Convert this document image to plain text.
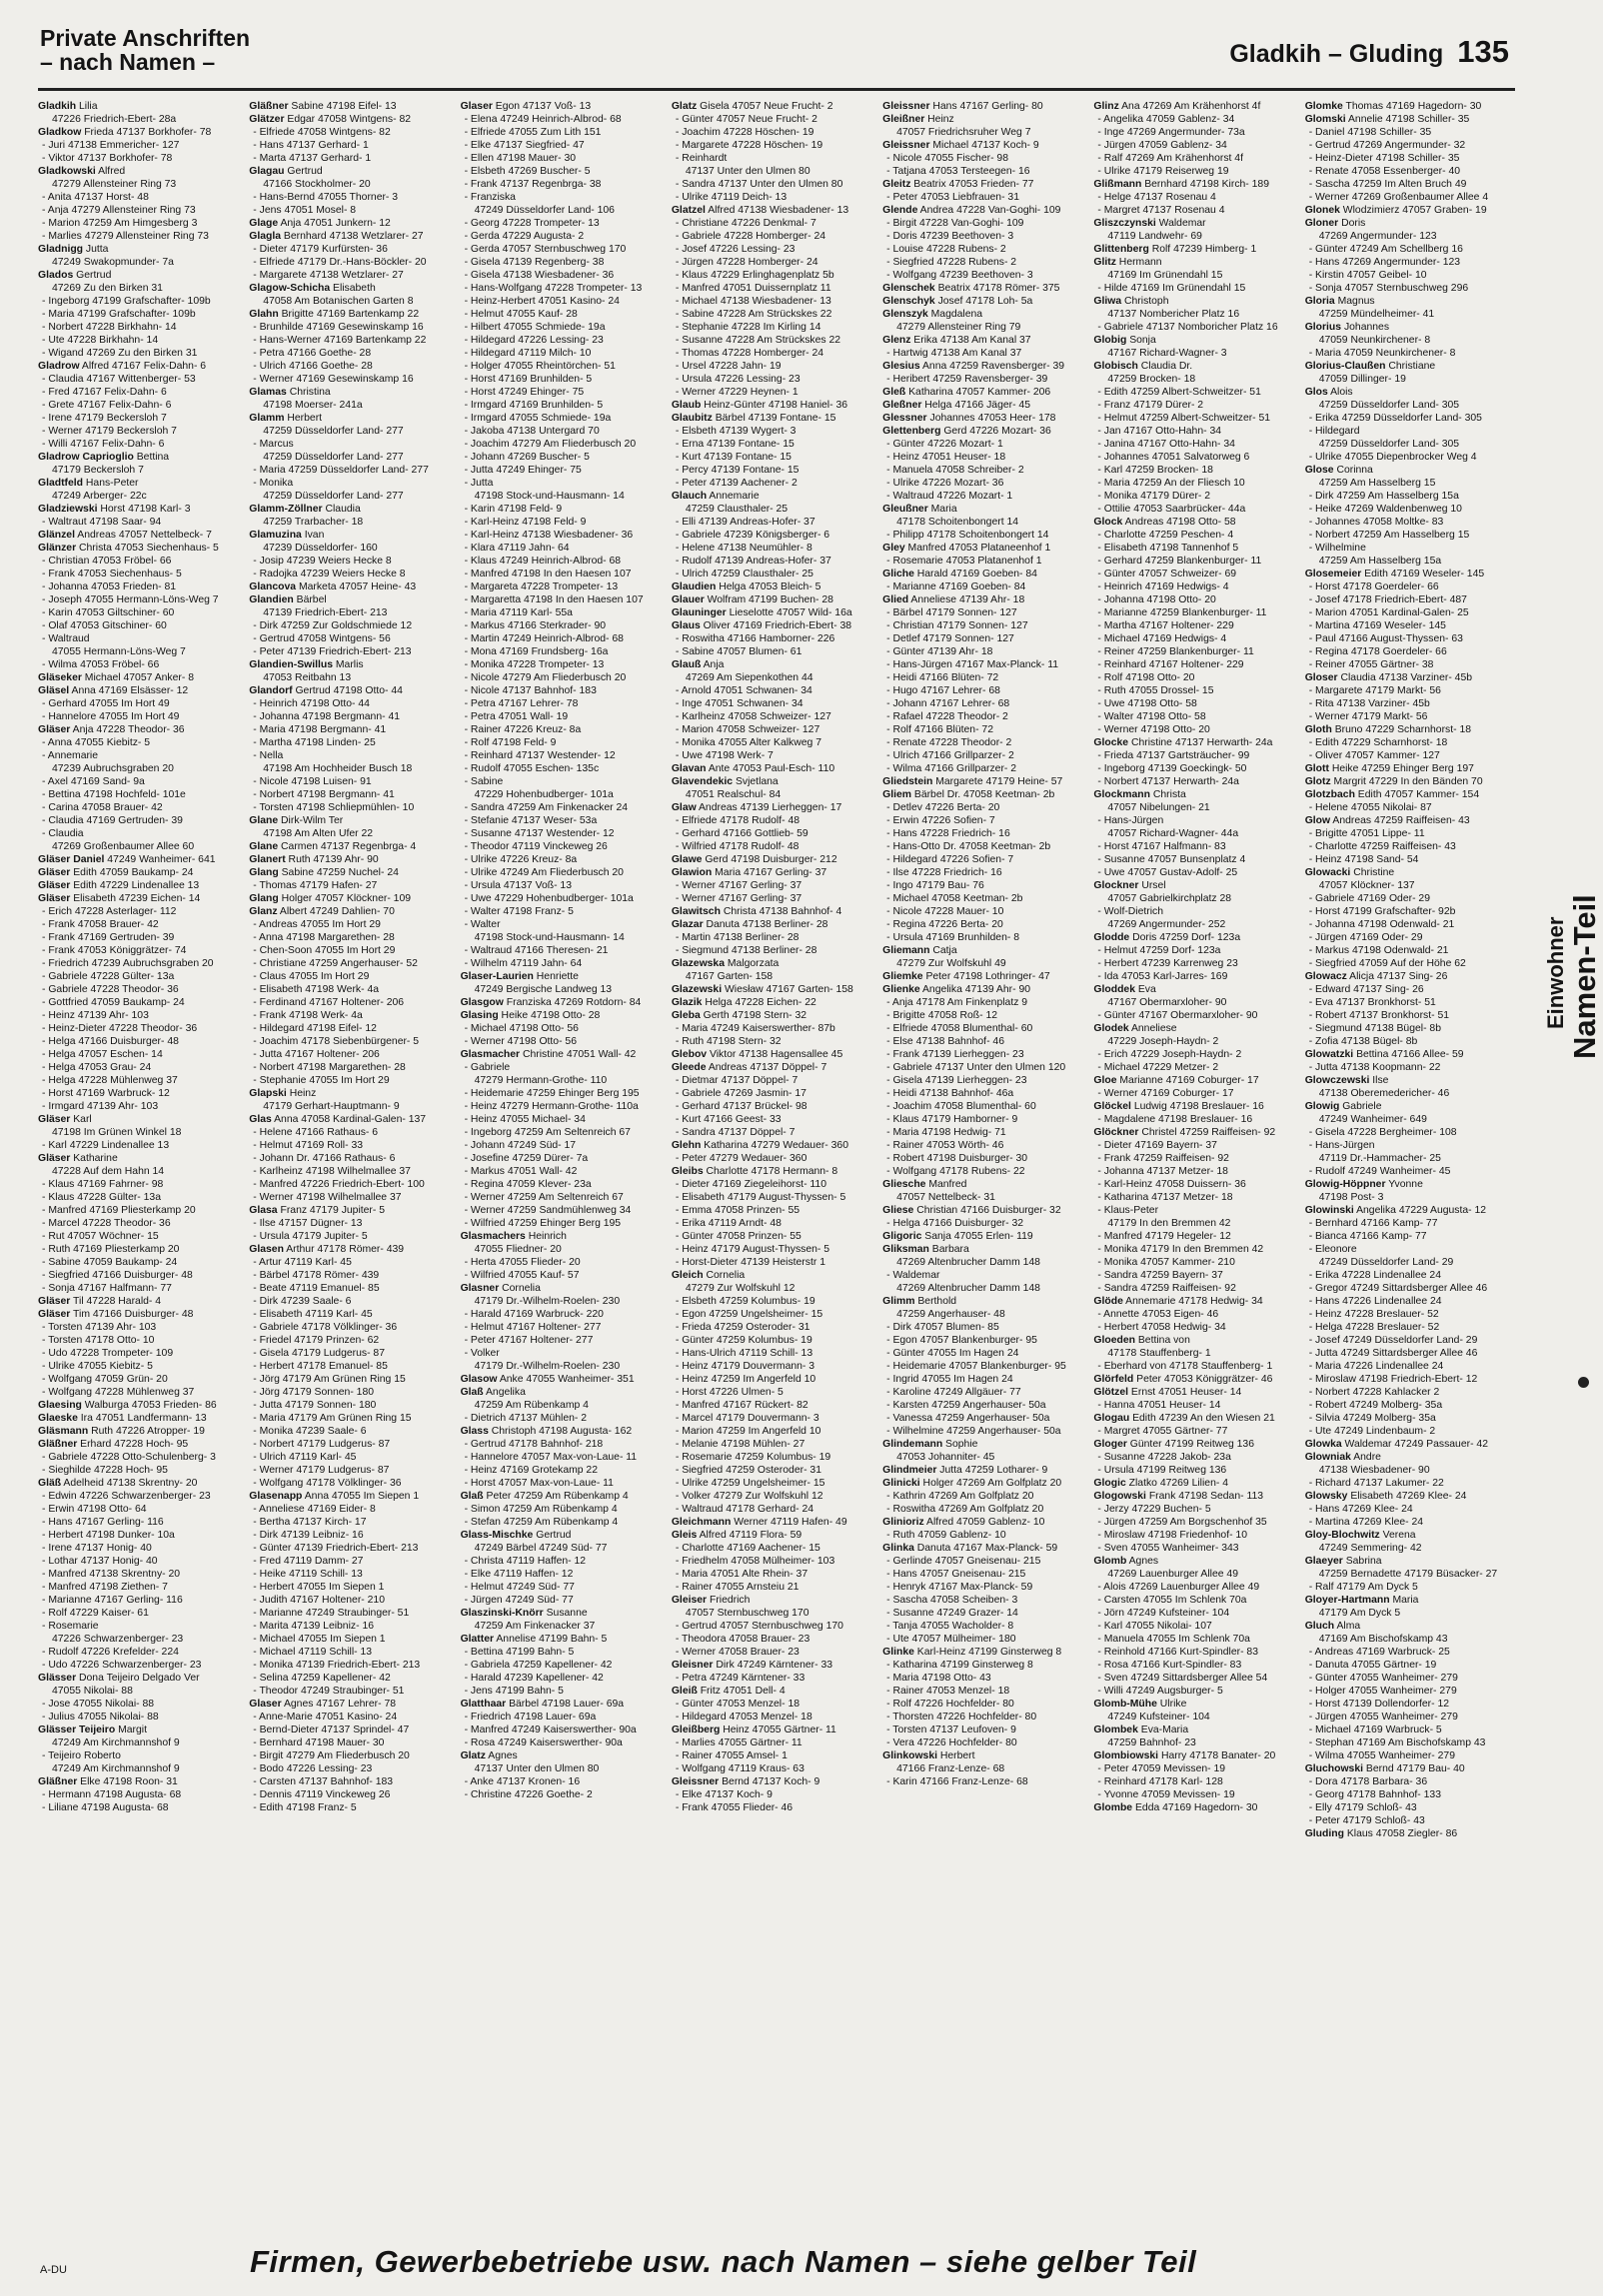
Private Anschriften
– nach Namen –	Gladkih – Gluding 135
Gladkih Lilia
47226 Friedrich-Ebert- 28a
Gladkow Frieda 47137 Borkhofer- 78
- Juri 47138 Emmericher- 127
- Viktor 47137 Borkhofer- 78
Gladkowski Alfred
47279 Allensteiner Ring 73
- Anita 47137 Horst- 48
- Anja 47279 Allensteiner Ring 73
- Marion 47259 Am Himgesberg 3
- Marlies 47279 Allensteiner Ring 73
Gladnigg Jutta
47249 Swakopmunder- 7a
Glados Gertrud
47269 Zu den Birken 31
- Ingeborg 47199 Grafschafter- 109b
- Maria 47199 Grafschafter- 109b
- Norbert 47228 Birkhahn- 14
- Ute 47228 Birkhahn- 14
- Wigand 47269 Zu den Birken 31
Gladrow Alfred 47167 Felix-Dahn- 6
- Claudia 47167 Wittenberger- 53
- Fred 47167 Felix-Dahn- 6
- Grete 47167 Felix-Dahn- 6
- Irene 47179 Beckersloh 7
- Werner 47179 Beckersloh 7
- Willi 47167 Felix-Dahn- 6
Gladrow Caprioglio Bettina
47179 Beckersloh 7
Gladtfeld Hans-Peter
47249 Arberger- 22c
Gladziewski Horst 47198 Karl- 3
- Waltraut 47198 Saar- 94
Glänzel Andreas 47057 Nettelbeck- 7
Glänzer Christa 47053 Siechenhaus- 5
- Christian 47053 Fröbel- 66
- Frank 47053 Siechenhaus- 5
- Johanna 47053 Frieden- 81
- Joseph 47055 Hermann-Löns-Weg 7
- Karin 47053 Giltschiner- 60
- Olaf 47053 Gitschiner- 60
- Waltraud
47055 Hermann-Löns-Weg 7
- Wilma 47053 Fröbel- 66
Gläseker Michael 47057 Anker- 8
Gläsel Anna 47169 Elsässer- 12
- Gerhard 47055 Im Hort 49
- Hannelore 47055 Im Hort 49
Gläser Anja 47228 Theodor- 36
- Anna 47055 Kiebitz- 5
- Annemarie
47239 Aubruchsgraben 20
- Axel 47169 Sand- 9a
- Bettina 47198 Hochfeld- 101e
- Carina 47058 Brauer- 42
- Claudia 47169 Gertruden- 39
- Claudia
47269 Großenbaumer Allee 60
Gläser Daniel 47249 Wanheimer- 641
Gläser Edith 47059 Baukamp- 24
Gläser Edith 47229 Lindenallee 13
Gläser Elisabeth 47239 Eichen- 14
- Erich 47228 Asterlager- 112
- Frank 47058 Brauer- 42
- Frank 47169 Gertruden- 39
- Frank 47053 Königgrätzer- 74
- Friedrich 47239 Aubruchsgraben 20
- Gabriele 47228 Gülter- 13a
- Gabriele 47228 Theodor- 36
- Gottfried 47059 Baukamp- 24
- Heinz 47139 Ahr- 103
- Heinz-Dieter 47228 Theodor- 36
- Helga 47166 Duisburger- 48
- Helga 47057 Eschen- 14
- Helga 47053 Grau- 24
- Helga 47228 Mühlenweg 37
- Horst 47169 Warbruck- 12
- Irmgard 47139 Ahr- 103
Gläser Karl
47198 Im Grünen Winkel 18
- Karl 47229 Lindenallee 13
Gläser Katharine
47228 Auf dem Hahn 14
- Klaus 47169 Fahrner- 98
- Klaus 47228 Gülter- 13a
- Manfred 47169 Pliesterkamp 20
- Marcel 47228 Theodor- 36
- Rut 47057 Wöchner- 15
- Ruth 47169 Pliesterkamp 20
- Sabine 47059 Baukamp- 24
- Siegfried 47166 Duisburger- 48
- Sonja 47167 Halfmann- 77
Gläser Til 47228 Harald- 4
Gläser Tim 47166 Duisburger- 48
- Torsten 47139 Ahr- 103
- Torsten 47178 Otto- 10
- Udo 47228 Trompeter- 109
- Ulrike 47055 Kiebitz- 5
- Wolfgang 47059 Grün- 20
- Wolfgang 47228 Mühlenweg 37
Glaesing Walburga 47053 Frieden- 86
Glaeske Ira 47051 Landfermann- 13
Gläsmann Ruth 47226 Atropper- 19
Gläßner Erhard 47228 Hoch- 95
- Gabriele 47228 Otto-Schulenberg- 3
- Sieghilde 47228 Hoch- 95
Gläß Adelheid 47138 Skrentny- 20
- Edwin 47226 Schwarzenberger- 23
- Erwin 47198 Otto- 64
- Hans 47167 Gerling- 116
- Herbert 47198 Dunker- 10a
- Irene 47137 Honig- 40
- Lothar 47137 Honig- 40
- Manfred 47138 Skrentny- 20
- Manfred 47198 Ziethen- 7
- Marianne 47167 Gerling- 116
- Rolf 47229 Kaiser- 61
- Rosemarie
47226 Schwarzenberger- 23
- Rudolf 47226 Krefelder- 224
- Udo 47226 Schwarzenberger- 23
Glässer Dona Teijeiro Delgado Ver
47055 Nikolai- 88
- Jose 47055 Nikolai- 88
- Julius 47055 Nikolai- 88
Glässer Teijeiro Margit
47249 Am Kirchmannshof 9
- Teijeiro Roberto
47249 Am Kirchmannshof 9
Gläßner Elke 47198 Roon- 31
- Hermann 47198 Augusta- 68
- Liliane 47198 Augusta- 68
Gläßner Sabine 47198 Eifel- 13
Glätzer Edgar 47058 Wintgens- 82
- Elfriede 47058 Wintgens- 82
- Hans 47137 Gerhard- 1
- Marta 47137 Gerhard- 1
Glagau Gertrud
47166 Stockholmer- 20
- Hans-Bernd 47055 Thorner- 3
- Jens 47051 Mosel- 8
Glage Anja 47051 Junkern- 12
Glagla Bernhard 47138 Wetzlarer- 27
- Dieter 47179 Kurfürsten- 36
- Elfriede 47179 Dr.-Hans-Böckler- 20
- Margarete 47138 Wetzlarer- 27
Glagow-Schicha Elisabeth
47058 Am Botanischen Garten 8
Glahn Brigitte 47169 Bartenkamp 22
- Brunhilde 47169 Gesewinskamp 16
- Hans-Werner 47169 Bartenkamp 22
- Petra 47166 Goethe- 28
- Ulrich 47166 Goethe- 28
- Werner 47169 Gesewinskamp 16
Glamas Christina
47198 Moerser- 241a
Glamm Herbert
47259 Düsseldorfer Land- 277
- Marcus
47259 Düsseldorfer Land- 277
- Maria 47259 Düsseldorfer Land- 277
- Monika
47259 Düsseldorfer Land- 277
Glamm-Zöllner Claudia
47259 Trarbacher- 18
Glamuzina Ivan
47239 Düsseldorfer- 160
- Josip 47239 Weiers Hecke 8
- Radojka 47239 Weiers Hecke 8
Glancova Marketa 47057 Heine- 43
Glandien Bärbel
47139 Friedrich-Ebert- 213
- Dirk 47259 Zur Goldschmiede 12
- Gertrud 47058 Wintgens- 56
- Peter 47139 Friedrich-Ebert- 213
Glandien-Swillus Marlis
47053 Reitbahn 13
Glandorf Gertrud 47198 Otto- 44
- Heinrich 47198 Otto- 44
- Johanna 47198 Bergmann- 41
- Maria 47198 Bergmann- 41
- Martha 47198 Linden- 25
- Nella
47198 Am Hochheider Busch 18
- Nicole 47198 Luisen- 91
- Norbert 47198 Bergmann- 41
- Torsten 47198 Schliepmühlen- 10
Glane Dirk-Wilm Ter
47198 Am Alten Ufer 22
Glane Carmen 47137 Regenbrga- 4
Glanert Ruth 47139 Ahr- 90
Glang Sabine 47259 Nuchel- 24
- Thomas 47179 Hafen- 27
Glang Holger 47057 Klöckner- 109
Glanz Albert 47249 Dahlien- 70
- Andreas 47055 Im Hort 29
- Anna 47198 Margarethen- 28
- Chen-Soon 47055 Im Hort 29
- Christiane 47259 Angerhauser- 52
- Claus 47055 Im Hort 29
- Elisabeth 47198 Werk- 4a
- Ferdinand 47167 Holtener- 206
- Frank 47198 Werk- 4a
- Hildegard 47198 Eifel- 12
- Joachim 47178 Siebenbürgener- 5
- Jutta 47167 Holtener- 206
- Norbert 47198 Margarethen- 28
- Stephanie 47055 Im Hort 29
Glapski Heinz
47179 Gerhart-Hauptmann- 9
Glas Anna 47058 Kardinal-Galen- 137
- Helene 47166 Rathaus- 6
- Helmut 47169 Roll- 33
- Johann Dr. 47166 Rathaus- 6
- Karlheinz 47198 Wilhelmallee 37
- Manfred 47226 Friedrich-Ebert- 100
- Werner 47198 Wilhelmallee 37
Glasa Franz 47179 Jupiter- 5
- Ilse 47157 Dügner- 13
- Ursula 47179 Jupiter- 5
Glasen Arthur 47178 Römer- 439
- Artur 47119 Karl- 45
- Bärbel 47178 Römer- 439
- Beate 47119 Emanuel- 85
- Dirk 47239 Saale- 6
- Elisabeth 47119 Karl- 45
- Gabriele 47178 Völklinger- 36
- Friedel 47179 Prinzen- 62
- Gisela 47179 Ludgerus- 87
- Herbert 47178 Emanuel- 85
- Jörg 47179 Am Grünen Ring 15
- Jörg 47179 Sonnen- 180
- Jutta 47179 Sonnen- 180
- Maria 47179 Am Grünen Ring 15
- Monika 47239 Saale- 6
- Norbert 47179 Ludgerus- 87
- Ulrich 47119 Karl- 45
- Werner 47179 Ludgerus- 87
- Wolfgang 47178 Völklinger- 36
Glasenapp Anna 47055 Im Siepen 1
- Anneliese 47169 Eider- 8
- Bertha 47137 Kirch- 17
- Dirk 47139 Leibniz- 16
- Günter 47139 Friedrich-Ebert- 213
- Fred 47119 Damm- 27
- Heike 47119 Schill- 13
- Herbert 47055 Im Siepen 1
- Judith 47167 Holtener- 210
- Marianne 47249 Straubinger- 51
- Marita 47139 Leibniz- 16
- Michael 47055 Im Siepen 1
- Michael 47119 Schill- 13
- Monika 47139 Friedrich-Ebert- 213
- Selina 47259 Kapellener- 42
- Theodor 47249 Straubinger- 51
Glaser Agnes 47167 Lehrer- 78
- Anne-Marie 47051 Kasino- 24
- Bernd-Dieter 47137 Sprindel- 47
- Bernhard 47198 Mauer- 30
- Birgit 47279 Am Fliederbusch 20
- Bodo 47226 Lessing- 23
- Carsten 47137 Bahnhof- 183
- Dennis 47119 Vinckeweg 26
- Edith 47198 Franz- 5
Glaser Egon 47137 Voß- 13
- Elena 47249 Heinrich-Albrod- 68
- Elfriede 47055 Zum Lith 151
- Elke 47137 Siegfried- 47
- Ellen 47198 Mauer- 30
- Elsbeth 47269 Buscher- 5
- Frank 47137 Regenbrga- 38
- Franziska
47249 Düsseldorfer Land- 106
- Georg 47228 Trompeter- 13
- Gerda 47229 Augusta- 2
- Gerda 47057 Sternbuschweg 170
- Gisela 47139 Regenberg- 38
- Gisela 47138 Wiesbadener- 36
- Hans-Wolfgang 47228 Trompeter- 13
- Heinz-Herbert 47051 Kasino- 24
- Helmut 47055 Kauf- 28
- Hilbert 47055 Schmiede- 19a
- Hildegard 47226 Lessing- 23
- Hildegard 47119 Milch- 10
- Holger 47055 Rheintörchen- 51
- Horst 47169 Brunhilden- 5
- Horst 47249 Ehinger- 75
- Irmgard 47169 Brunhilden- 5
- Irmgard 47055 Schmiede- 19a
- Jakoba 47138 Untergard 70
- Joachim 47279 Am Fliederbusch 20
- Johann 47269 Buscher- 5
- Jutta 47249 Ehinger- 75
- Jutta
47198 Stock-und-Hausmann- 14
- Karin 47198 Feld- 9
- Karl-Heinz 47198 Feld- 9
- Karl-Heinz 47138 Wiesbadener- 36
- Klara 47119 Jahn- 64
- Klaus 47249 Heinrich-Albrod- 68
- Manfred 47198 In den Haesen 107
- Margareta 47228 Trompeter- 13
- Margaretta 47198 In den Haesen 107
- Maria 47119 Karl- 55a
- Markus 47166 Sterkrader- 90
- Martin 47249 Heinrich-Albrod- 68
- Mona 47169 Frundsberg- 16a
- Monika 47228 Trompeter- 13
- Nicole 47279 Am Fliederbusch 20
- Nicole 47137 Bahnhof- 183
- Petra 47167 Lehrer- 78
- Petra 47051 Wall- 19
- Rainer 47226 Kreuz- 8a
- Rolf 47198 Feld- 9
- Reinhard 47137 Westender- 12
- Rudolf 47055 Eschen- 135c
- Sabine
47229 Hohenbudberger- 101a
- Sandra 47259 Am Finkenacker 24
- Stefanie 47137 Weser- 53a
- Susanne 47137 Westender- 12
- Theodor 47119 Vinckeweg 26
- Ulrike 47226 Kreuz- 8a
- Ulrike 47249 Am Fliederbusch 20
- Ursula 47137 Voß- 13
- Uwe 47229 Hohenbudberger- 101a
- Walter 47198 Franz- 5
- Walter
47198 Stock-und-Hausmann- 14
- Waltraud 47166 Theresen- 21
- Wilhelm 47119 Jahn- 64
Glaser-Laurien Henriette
47249 Bergische Landweg 13
Glasgow Franziska 47269 Rotdorn- 84
Glasing Heike 47198 Otto- 28
- Michael 47198 Otto- 56
- Werner 47198 Otto- 56
Glasmacher Christine 47051 Wall- 42
- Gabriele
47279 Hermann-Grothe- 110
- Heidemarie 47259 Ehinger Berg 195
- Heinz 47279 Hermann-Grothe- 110a
- Heinz 47055 Michael- 34
- Ingeborg 47259 Am Seltenreich 67
- Johann 47249 Süd- 17
- Josefine 47259 Dürer- 7a
- Markus 47051 Wall- 42
- Regina 47059 Klever- 23a
- Werner 47259 Am Seltenreich 67
- Werner 47259 Sandmühlenweg 34
- Wilfried 47259 Ehinger Berg 195
Glasmachers Heinrich
47055 Fliedner- 20
- Herta 47055 Flieder- 20
- Wilfried 47055 Kauf- 57
Glasner Cornelia
47179 Dr.-Wilhelm-Roelen- 230
- Harald 47169 Warbruck- 220
- Helmut 47167 Holtener- 277
- Peter 47167 Holtener- 277
- Volker
47179 Dr.-Wilhelm-Roelen- 230
Glasow Anke 47055 Wanheimer- 351
Glaß Angelika
47259 Am Rübenkamp 4
- Dietrich 47137 Mühlen- 2
Glass Christoph 47198 Augusta- 162
- Gertrud 47178 Bahnhof- 218
- Hannelore 47057 Max-von-Laue- 11
- Heinz 47169 Grotekamp 22
- Horst 47057 Max-von-Laue- 11
Glaß Peter 47259 Am Rübenkamp 4
- Simon 47259 Am Rübenkamp 4
- Stefan 47259 Am Rübenkamp 4
Glass-Mischke Gertrud
47249 Bärbel 47249 Süd- 77
- Christa 47119 Haffen- 12
- Elke 47119 Haffen- 12
- Helmut 47249 Süd- 77
- Jürgen 47249 Süd- 77
Glaszinski-Knörr Susanne
47259 Am Finkenacker 37
Glatter Annelise 47199 Bahn- 5
- Bettina 47199 Bahn- 5
- Gabriela 47259 Kapellener- 42
- Harald 47239 Kapellener- 42
- Jens 47199 Bahn- 5
Glatthaar Bärbel 47198 Lauer- 69a
- Friedrich 47198 Lauer- 69a
- Manfred 47249 Kaiserswerther- 90a
- Rosa 47249 Kaiserswerther- 90a
Glatz Agnes
47137 Unter den Ulmen 80
- Anke 47137 Kronen- 16
- Christine 47226 Goethe- 2
Glatz Gisela 47057 Neue Frucht- 2
- Günter 47057 Neue Frucht- 2
- Joachim 47228 Höschen- 19
- Margarete 47228 Höschen- 19
- Reinhardt
47137 Unter den Ulmen 80
- Sandra 47137 Unter den Ulmen 80
- Ulrike 47119 Deich- 13
Glatzel Alfred 47138 Wiesbadener- 13
- Christiane 47226 Denkmal- 7
- Gabriele 47228 Homberger- 24
- Josef 47226 Lessing- 23
- Jürgen 47228 Homberger- 24
- Klaus 47229 Erlinghagenplatz 5b
- Manfred 47051 Duissernplatz 11
- Michael 47138 Wiesbadener- 13
- Sabine 47228 Am Strückskes 22
- Stephanie 47228 Im Kirling 14
- Susanne 47228 Am Strückskes 22
- Thomas 47228 Homberger- 24
- Ursel 47228 Jahn- 19
- Ursula 47226 Lessing- 23
- Werner 47229 Heynen- 1
Glaub Heinz-Günter 47198 Haniel- 36
Glaubitz Bärbel 47139 Fontane- 15
- Elsbeth 47139 Wygert- 3
- Erna 47139 Fontane- 15
- Kurt 47139 Fontane- 15
- Percy 47139 Fontane- 15
- Peter 47139 Aachener- 2
Glauch Annemarie
47259 Clausthaler- 25
- Elli 47139 Andreas-Hofer- 37
- Gabriele 47239 Königsberger- 6
- Helene 47138 Neumühler- 8
- Rudolf 47139 Andreas-Hofer- 37
- Ulrich 47259 Clausthaler- 25
Glaudien Helga 47053 Bleich- 5
Glauer Wolfram 47199 Buchen- 28
Glauninger Lieselotte 47057 Wild- 16a
Glaus Oliver 47169 Friedrich-Ebert- 38
- Roswitha 47166 Hamborner- 226
- Sabine 47057 Blumen- 61
Glauß Anja
47269 Am Siepenkothen 44
- Arnold 47051 Schwanen- 34
- Inge 47051 Schwanen- 34
- Karlheinz 47058 Schweizer- 127
- Marion 47058 Schweizer- 127
- Monika 47055 Alter Kalkweg 7
- Uwe 47198 Werk- 7
Glavan Ante 47053 Paul-Esch- 110
Glavendekic Svjetlana
47051 Realschul- 84
Glaw Andreas 47139 Lierheggen- 17
- Elfriede 47178 Rudolf- 48
- Gerhard 47166 Gottlieb- 59
- Wilfried 47178 Rudolf- 48
Glawe Gerd 47198 Duisburger- 212
Glawion Maria 47167 Gerling- 37
- Werner 47167 Gerling- 37
- Werner 47167 Gerling- 37
Glawitsch Christa 47138 Bahnhof- 4
Glazar Danuta 47138 Berliner- 28
- Martin 47138 Berliner- 28
- Siegmund 47138 Berliner- 28
Glazewska Malgorzata
47167 Garten- 158
Glazewski Wiesław 47167 Garten- 158
Glazik Helga 47228 Eichen- 22
Gleba Gerth 47198 Stern- 32
- Maria 47249 Kaiserswerther- 87b
- Ruth 47198 Stern- 32
Glebov Viktor 47138 Hagensallee 45
Gleede Andreas 47137 Döppel- 7
- Dietmar 47137 Döppel- 7
- Gabriele 47269 Jasmin- 17
- Gerhard 47137 Brückel- 98
- Kurt 47166 Geest- 33
- Sandra 47137 Döppel- 7
Glehn Katharina 47279 Wedauer- 360
- Peter 47279 Wedauer- 360
Gleibs Charlotte 47178 Hermann- 8
- Dieter 47169 Ziegeleihorst- 110
- Elisabeth 47179 August-Thyssen- 5
- Emma 47058 Prinzen- 55
- Erika 47119 Arndt- 48
- Günter 47058 Prinzen- 55
- Heinz 47179 August-Thyssen- 5
- Horst-Dieter 47139 Heisterstr 1
Gleich Cornelia
47279 Zur Wolfskuhl 12
- Elsbeth 47259 Kolumbus- 19
- Egon 47259 Ungelsheimer- 15
- Frieda 47259 Osteroder- 31
- Günter 47259 Kolumbus- 19
- Hans-Ulrich 47119 Schill- 13
- Heinz 47179 Douvermann- 3
- Heinz 47259 Im Angerfeld 10
- Horst 47226 Ulmen- 5
- Manfred 47167 Rückert- 82
- Marcel 47179 Douvermann- 3
- Marion 47259 Im Angerfeld 10
- Melanie 47198 Mühlen- 27
- Rosemarie 47259 Kolumbus- 19
- Siegfried 47259 Osteroder- 31
- Ulrike 47259 Ungelsheimer- 15
- Volker 47279 Zur Wolfskuhl 12
- Waltraud 47178 Gerhard- 24
Gleichmann Werner 47119 Hafen- 49
Gleis Alfred 47119 Flora- 59
- Charlotte 47169 Aachener- 15
- Friedhelm 47058 Mülheimer- 103
- Maria 47051 Alte Rhein- 37
- Rainer 47055 Arnsteiu 21
Gleiser Friedrich
47057 Sternbuschweg 170
- Gertrud 47057 Sternbuschweg 170
- Theodora 47058 Brauer- 23
- Werner 47058 Brauer- 23
Gleisner Dirk 47249 Kärntener- 33
- Petra 47249 Kärntener- 33
Gleiß Fritz 47051 Dell- 4
- Günter 47053 Menzel- 18
- Hildegard 47053 Menzel- 18
Gleißberg Heinz 47055 Gärtner- 11
- Marlies 47055 Gärtner- 11
- Rainer 47055 Amsel- 1
- Wolfgang 47119 Kraus- 63
Gleissner Bernd 47137 Koch- 9
- Elke 47137 Koch- 9
- Frank 47055 Flieder- 46
Gleissner Hans 47167 Gerling- 80
Gleißner Heinz
47057 Friedrichsruher Weg 7
Gleissner Michael 47137 Koch- 9
- Nicole 47055 Fischer- 98
- Tatjana 47053 Tersteegen- 16
Gleitz Beatrix 47053 Frieden- 77
- Peter 47053 Liebfrauen- 31
Glende Andrea 47228 Van-Goghi- 109
- Birgit 47228 Van-Goghi- 109
- Doris 47239 Beethoven- 3
- Louise 47228 Rubens- 2
- Siegfried 47228 Rubens- 2
- Wolfgang 47239 Beethoven- 3
Glenschek Beatrix 47178 Römer- 375
Glenschyk Josef 47178 Loh- 5a
Glenszyk Magdalena
47279 Allensteiner Ring 79
Glenz Erika 47138 Am Kanal 37
- Hartwig 47138 Am Kanal 37
Glesius Anna 47259 Ravensberger- 39
- Heribert 47259 Ravensberger- 39
Gleß Katharina 47057 Kammer- 206
Gleßner Helga 47166 Jäger- 45
Glessner Johannes 47053 Heer- 178
Glettenberg Gerd 47226 Mozart- 36
- Günter 47226 Mozart- 1
- Heinz 47051 Heuser- 18
- Manuela 47058 Schreiber- 2
- Ulrike 47226 Mozart- 36
- Waltraud 47226 Mozart- 1
Gleußner Maria
47178 Schoitenbongert 14
- Philipp 47178 Schoitenbongert 14
Gley Manfred 47053 Plataneenhof 1
- Rosemarie 47053 Platanenhof 1
Gliche Harald 47169 Goeben- 84
- Marianne 47169 Goeben- 84
Glied Anneliese 47139 Ahr- 18
- Bärbel 47179 Sonnen- 127
- Christian 47179 Sonnen- 127
- Detlef 47179 Sonnen- 127
- Günter 47139 Ahr- 18
- Hans-Jürgen 47167 Max-Planck- 11
- Heidi 47166 Blüten- 72
- Hugo 47167 Lehrer- 68
- Johann 47167 Lehrer- 68
- Rafael 47228 Theodor- 2
- Rolf 47166 Blüten- 72
- Renate 47228 Theodor- 2
- Ulrich 47166 Grillparzer- 2
- Wilma 47166 Grillparzer- 2
Gliedstein Margarete 47179 Heine- 57
Gliem Bärbel Dr. 47058 Keetman- 2b
- Detlev 47226 Berta- 20
- Erwin 47226 Sofien- 7
- Hans 47228 Friedrich- 16
- Hans-Otto Dr. 47058 Keetman- 2b
- Hildegard 47226 Sofien- 7
- Ilse 47228 Friedrich- 16
- Ingo 47179 Bau- 76
- Michael 47058 Keetman- 2b
- Nicole 47228 Mauer- 10
- Regina 47226 Berta- 20
- Ursula 47169 Brunhilden- 8
Gliemann Catja
47279 Zur Wolfskuhl 49
Gliemke Peter 47198 Lothringer- 47
Glienke Angelika 47139 Ahr- 90
- Anja 47178 Am Finkenplatz 9
- Brigitte 47058 Roß- 12
- Elfriede 47058 Blumenthal- 60
- Else 47138 Bahnhof- 46
- Frank 47139 Lierheggen- 23
- Gabriele 47137 Unter den Ulmen 120
- Gisela 47139 Lierheggen- 23
- Heidi 47138 Bahnhof- 46a
- Joachim 47058 Blumenthal- 60
- Klaus 47179 Hamborner- 9
- Maria 47198 Hedwig- 71
- Rainer 47053 Wörth- 46
- Robert 47198 Duisburger- 30
- Wolfgang 47178 Rubens- 22
Gliesche Manfred
47057 Nettelbeck- 31
Gliese Christian 47166 Duisburger- 32
- Helga 47166 Duisburger- 32
Gligoric Sanja 47055 Erlen- 119
Gliksman Barbara
47269 Altenbrucher Damm 148
- Waldemar
47269 Altenbrucher Damm 148
Glimm Berthold
47259 Angerhauser- 48
- Dirk 47057 Blumen- 85
- Egon 47057 Blankenburger- 95
- Günter 47055 Im Hagen 24
- Heidemarie 47057 Blankenburger- 95
- Ingrid 47055 Im Hagen 24
- Karoline 47249 Allgäuer- 77
- Karsten 47259 Angerhauser- 50a
- Vanessa 47259 Angerhauser- 50a
- Wilhelmine 47259 Angerhauser- 50a
Glindemann Sophie
47053 Johanniter- 45
Glindmeier Jutta 47259 Lotharer- 9
Glinicki Holger 47269 Am Golfplatz 20
- Kathrin 47269 Am Golfplatz 20
- Roswitha 47269 Am Golfplatz 20
Glinioriz Alfred 47059 Gablenz- 10
- Ruth 47059 Gablenz- 10
Glinka Danuta 47167 Max-Planck- 59
- Gerlinde 47057 Gneisenau- 215
- Hans 47057 Gneisenau- 215
- Henryk 47167 Max-Planck- 59
- Sascha 47058 Scheiben- 3
- Susanne 47249 Grazer- 14
- Tanja 47055 Wacholder- 8
- Ute 47057 Mülheimer- 180
Glinke Karl-Heinz 47199 Ginsterweg 8
- Katharina 47199 Ginsterweg 8
- Maria 47198 Otto- 43
- Rainer 47053 Menzel- 18
- Rolf 47226 Hochfelder- 80
- Thorsten 47226 Hochfelder- 80
- Torsten 47137 Leufoven- 9
- Vera 47226 Hochfelder- 80
Glinkowski Herbert
47166 Franz-Lenze- 68
- Karin 47166 Franz-Lenze- 68
Glinz Ana 47269 Am Krähenhorst 4f
- Angelika 47059 Gablenz- 34
- Inge 47269 Angermunder- 73a
- Jürgen 47059 Gablenz- 34
- Ralf 47269 Am Krähenhorst 4f
- Ulrike 47179 Reiserweg 19
Glißmann Bernhard 47198 Kirch- 189
- Helge 47137 Rosenau 4
- Margret 47137 Rosenau 4
Gliszczynski Waldemar
47119 Landwehr- 69
Glittenberg Rolf 47239 Himberg- 1
Glitz Hermann
47169 Im Grünendahl 15
- Hilde 47169 Im Grünendahl 15
Gliwa Christoph
47137 Nombericher Platz 16
- Gabriele 47137 Nomboricher Platz 16
Globig Sonja
47167 Richard-Wagner- 3
Globisch Claudia Dr.
47259 Brocken- 18
- Edith 47259 Albert-Schweitzer- 51
- Franz 47179 Dürer- 2
- Helmut 47259 Albert-Schweitzer- 51
- Jan 47167 Otto-Hahn- 34
- Janina 47167 Otto-Hahn- 34
- Johannes 47051 Salvatorweg 6
- Karl 47259 Brocken- 18
- Maria 47259 An der Fliesch 10
- Monika 47179 Dürer- 2
- Ottilie 47053 Saarbrücker- 44a
Glock Andreas 47198 Otto- 58
- Charlotte 47259 Peschen- 4
- Elisabeth 47198 Tannenhof 5
- Gerhard 47259 Blankenburger- 11
- Günter 47057 Schweizer- 69
- Heinrich 47169 Hedwigs- 4
- Johanna 47198 Otto- 20
- Marianne 47259 Blankenburger- 11
- Martha 47167 Holtener- 229
- Michael 47169 Hedwigs- 4
- Reiner 47259 Blankenburger- 11
- Reinhard 47167 Holtener- 229
- Rolf 47198 Otto- 20
- Ruth 47055 Drossel- 15
- Uwe 47198 Otto- 58
- Walter 47198 Otto- 58
- Werner 47198 Otto- 20
Glocke Christine 47137 Herwarth- 24a
- Frieda 47137 Gartsträucher- 99
- Ingeborg 47139 Goeckingk- 50
- Norbert 47137 Herwarth- 24a
Glockmann Christa
47057 Nibelungen- 21
- Hans-Jürgen
47057 Richard-Wagner- 44a
- Horst 47167 Halfmann- 83
- Susanne 47057 Bunsenplatz 4
- Uwe 47057 Gustav-Adolf- 25
Glockner Ursel
47057 Gabrielkirchplatz 28
- Wolf-Dietrich
47269 Angermunder- 252
Glodde Doris 47259 Dorf- 123a
- Helmut 47259 Dorf- 123a
- Herbert 47239 Karrenweg 23
- Ida 47053 Karl-Jarres- 169
Gloddek Eva
47167 Obermarxloher- 90
- Günter 47167 Obermarxloher- 90
Glodek Anneliese
47229 Joseph-Haydn- 2
- Erich 47229 Joseph-Haydn- 2
- Michael 47229 Metzer- 2
Gloe Marianne 47169 Coburger- 17
- Werner 47169 Coburger- 17
Glöckel Ludwig 47198 Breslauer- 16
- Magdalene 47198 Breslauer- 16
Glöckner Christel 47259 Raiffeisen- 92
- Dieter 47169 Bayern- 37
- Frank 47259 Raiffeisen- 92
- Johanna 47137 Metzer- 18
- Karl-Heinz 47058 Duissern- 36
- Katharina 47137 Metzer- 18
- Klaus-Peter
47179 In den Bremmen 42
- Manfred 47179 Hegeler- 12
- Monika 47179 In den Bremmen 42
- Monika 47057 Kammer- 210
- Sandra 47259 Bayern- 37
- Sandra 47259 Raiffeisen- 92
Glöde Annemarie 47178 Hedwig- 34
- Annette 47053 Eigen- 46
- Herbert 47058 Hedwig- 34
Gloeden Bettina von
47178 Stauffenberg- 1
- Eberhard von 47178 Stauffenberg- 1
Glörfeld Peter 47053 Königgrätzer- 46
Glötzel Ernst 47051 Heuser- 14
- Hanna 47051 Heuser- 14
Glogau Edith 47239 An den Wiesen 21
- Margret 47055 Gärtner- 77
Gloger Günter 47199 Reitweg 136
- Susanne 47228 Jakob- 23a
- Ursula 47199 Reitweg 136
Glogic Zlatko 47269 Lilien- 4
Glogowski Frank 47198 Sedan- 113
- Jerzy 47229 Buchen- 5
- Jürgen 47259 Am Borgschenhof 35
- Miroslaw 47198 Friedenhof- 10
- Sven 47055 Wanheimer- 343
Glomb Agnes
47269 Lauenburger Allee 49
- Alois 47269 Lauenburger Allee 49
- Carsten 47055 Im Schlenk 70a
- Jörn 47249 Kufsteiner- 104
- Karl 47055 Nikolai- 107
- Manuela 47055 Im Schlenk 70a
- Reinhold 47166 Kurt-Spindler- 83
- Rosa 47166 Kurt-Spindler- 83
- Sven 47249 Sittardsberger Allee 54
- Willi 47249 Augsburger- 5
Glomb-Mühe Ulrike
47249 Kufsteiner- 104
Glombek Eva-Maria
47259 Bahnhof- 23
Glombiowski Harry 47178 Banater- 20
- Peter 47059 Mevissen- 19
- Reinhard 47178 Karl- 128
- Yvonne 47059 Mevissen- 19
Glombe Edda 47169 Hagedorn- 30
Glomke Thomas 47169 Hagedorn- 30
Glomski Annelie 47198 Schiller- 35
- Daniel 47198 Schiller- 35
- Gertrud 47269 Angermunder- 32
- Heinz-Dieter 47198 Schiller- 35
- Renate 47058 Essenberger- 40
- Sascha 47259 Im Alten Bruch 49
- Werner 47269 Großenbaumer Allee 4
Glonek Wlodzimierz 47057 Graben- 19
Gloner Doris
47269 Angermunder- 123
- Günter 47249 Am Schellberg 16
- Hans 47269 Angermunder- 123
- Kirstin 47057 Geibel- 10
- Sonja 47057 Sternbuschweg 296
Gloria Magnus
47259 Mündelheimer- 41
Glorius Johannes
47059 Neunkirchener- 8
- Maria 47059 Neunkirchener- 8
Glorius-Claußen Christiane
47059 Dillinger- 19
Glos Alois
47259 Düsseldorfer Land- 305
- Erika 47259 Düsseldorfer Land- 305
- Hildegard
47259 Düsseldorfer Land- 305
- Ulrike 47055 Diepenbrocker Weg 4
Glose Corinna
47259 Am Hasselberg 15
- Dirk 47259 Am Hasselberg 15a
- Heike 47269 Waldenbenweg 10
- Johannes 47058 Moltke- 83
- Norbert 47259 Am Hasselberg 15
- Wilhelmine
47259 Am Hasselberg 15a
Glosemeier Edith 47169 Weseler- 145
- Horst 47178 Goerdeler- 66
- Josef 47178 Friedrich-Ebert- 487
- Marion 47051 Kardinal-Galen- 25
- Martina 47169 Weseler- 145
- Paul 47166 August-Thyssen- 63
- Regina 47178 Goerdeler- 66
- Reiner 47055 Gärtner- 38
Gloser Claudia 47138 Varziner- 45b
- Margarete 47179 Markt- 56
- Rita 47138 Varziner- 45b
- Werner 47179 Markt- 56
Gloth Bruno 47229 Scharnhorst- 18
- Edith 47229 Scharnhorst- 18
- Oliver 47057 Kammer- 127
Glott Heike 47259 Ehinger Berg 197
Glotz Margrit 47229 In den Bänden 70
Glotzbach Edith 47057 Kammer- 154
- Helene 47055 Nikolai- 87
Glow Andreas 47259 Raiffeisen- 43
- Brigitte 47051 Lippe- 11
- Charlotte 47259 Raiffeisen- 43
- Heinz 47198 Sand- 54
Glowacki Christine
47057 Klöckner- 137
- Gabriele 47169 Oder- 29
- Horst 47199 Grafschafter- 92b
- Johanna 47198 Odenwald- 21
- Jürgen 47169 Oder- 29
- Markus 47198 Odenwald- 21
- Siegfried 47059 Auf der Höhe 62
Glowacz Alicja 47137 Sing- 26
- Edward 47137 Sing- 26
- Eva 47137 Bronkhorst- 51
- Robert 47137 Bronkhorst- 51
- Siegmund 47138 Bügel- 8b
- Zofia 47138 Bügel- 8b
Glowatzki Bettina 47166 Allee- 59
- Jutta 47138 Koopmann- 22
Glowczewski Ilse
47138 Oberemedericher- 46
Glowig Gabriele
47249 Wanheimer- 649
- Gisela 47228 Bergheimer- 108
- Hans-Jürgen
47119 Dr.-Hammacher- 25
- Rudolf 47249 Wanheimer- 45
Glowig-Höppner Yvonne
47198 Post- 3
Glowinski Angelika 47229 Augusta- 12
- Bernhard 47166 Kamp- 77
- Bianca 47166 Kamp- 77
- Eleonore
47249 Düsseldorfer Land- 29
- Erika 47228 Lindenallee 24
- Gregor 47249 Sittardsberger Allee 46
- Hans 47226 Lindenallee 24
- Heinz 47228 Breslauer- 52
- Helga 47228 Breslauer- 52
- Josef 47249 Düsseldorfer Land- 29
- Jutta 47249 Sittardsberger Allee 46
- Maria 47226 Lindenallee 24
- Miroslaw 47198 Friedrich-Ebert- 12
- Norbert 47228 Kahlacker 2
- Robert 47249 Molberg- 35a
- Silvia 47249 Molberg- 35a
- Ute 47249 Lindenbaum- 2
Glowka Waldemar 47249 Passauer- 42
Glowniak Andre
47138 Wiesbadener- 90
- Richard 47137 Lakumer- 22
Glowsky Elisabeth 47269 Klee- 24
- Hans 47269 Klee- 24
- Martina 47269 Klee- 24
Gloy-Blochwitz Verena
47249 Semmering- 42
Glaeyer Sabrina
47259 Bernadette 47179 Büsacker- 27
- Ralf 47179 Am Dyck 5
Gloyer-Hartmann Maria
47179 Am Dyck 5
Gluch Alma
47169 Am Bischofskamp 43
- Andreas 47169 Warbruck- 25
- Danuta 47055 Gärtner- 19
- Günter 47055 Wanheimer- 279
- Holger 47055 Wanheimer- 279
- Horst 47139 Dollendorfer- 12
- Jürgen 47055 Wanheimer- 279
- Michael 47169 Warbruck- 5
- Stephan 47169 Am Bischofskamp 43
- Wilma 47055 Wanheimer- 279
Gluchowski Bernd 47179 Bau- 40
- Dora 47178 Barbara- 36
- Georg 47178 Bahnhof- 133
- Elly 47179 Schloß- 43
- Peter 47179 Schloß- 43
Gluding Klaus 47058 Ziegler- 86
Einwohner Namen-Teil
A-DU	Firmen, Gewerbebetriebe usw. nach Namen – siehe gelber Teil
